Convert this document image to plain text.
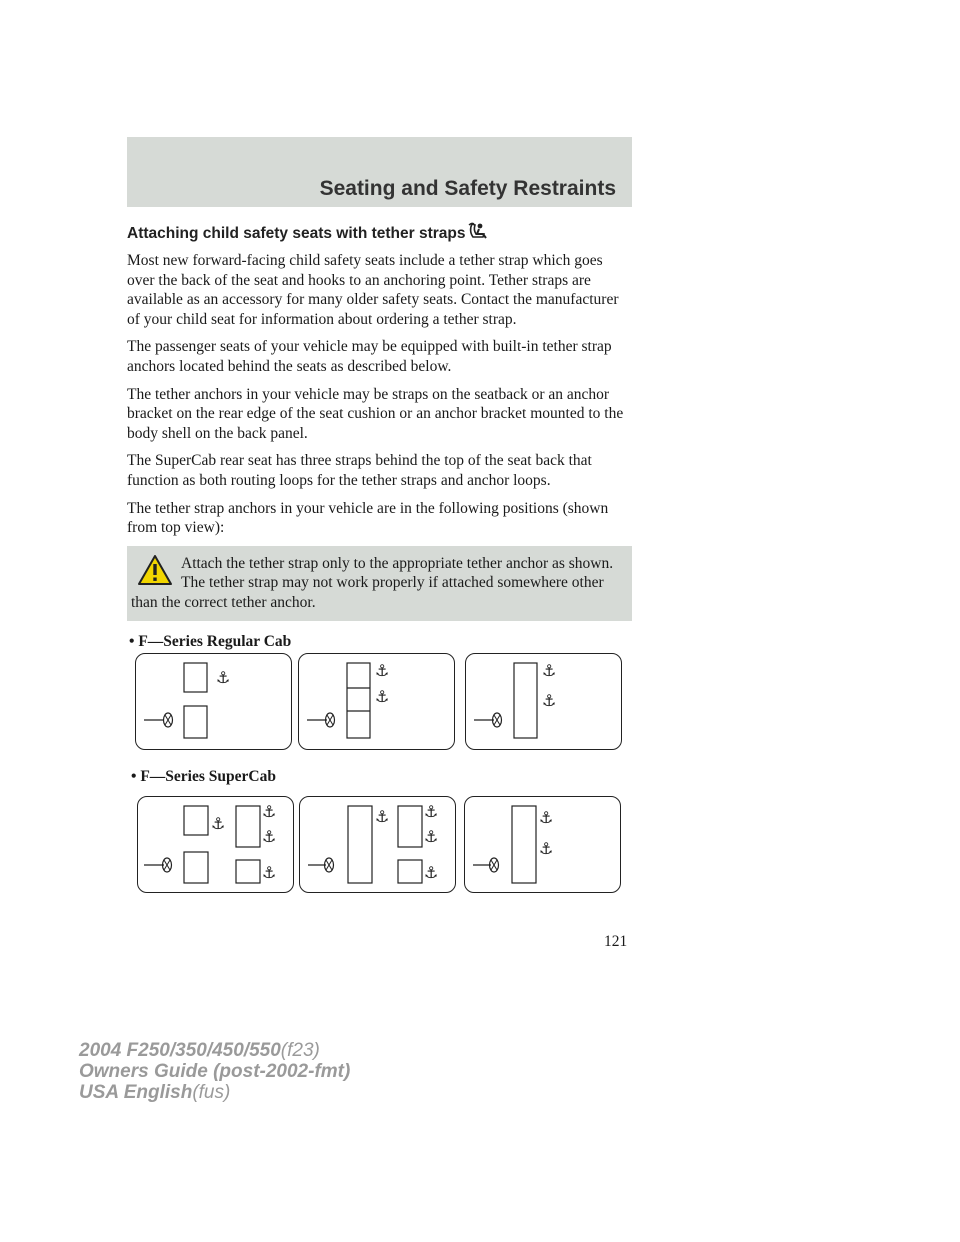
Seating and Safety Restraints
Attaching child safety seats with tether straps

Most new forward-facing child safety seats include a tether strap which goes over the back of the seat and hooks to an anchoring point. Tether straps are available as an accessory for many older safety seats. Contact the manufacturer of your child seat for information about ordering a tether strap.

The passenger seats of your vehicle may be equipped with built-in tether strap anchors located behind the seats as described below.

The tether anchors in your vehicle may be straps on the seatback or an anchor bracket on the rear edge of the seat cushion or an anchor bracket mounted to the body shell on the back panel.

The SuperCab rear seat has three straps behind the top of the seat back that function as both routing loops for the tether straps and anchor loops.

The tether strap anchors in your vehicle are in the following positions (shown from top view):

Attach the tether strap only to the appropriate tether anchor as shown. The tether strap may not work properly if attached somewhere other than the correct tether anchor.
• F—Series Regular Cab
⚓	⚓
⚓
⚓
⚓
• F—Series SuperCab
⚓
⚓
⚓
⚓
⚓ ⚓
⚓
⚓
⚓
⚓
121
2004 F250/350/450/550(f23)
Owners Guide (post-2002-fmt)
USA English(fus)
